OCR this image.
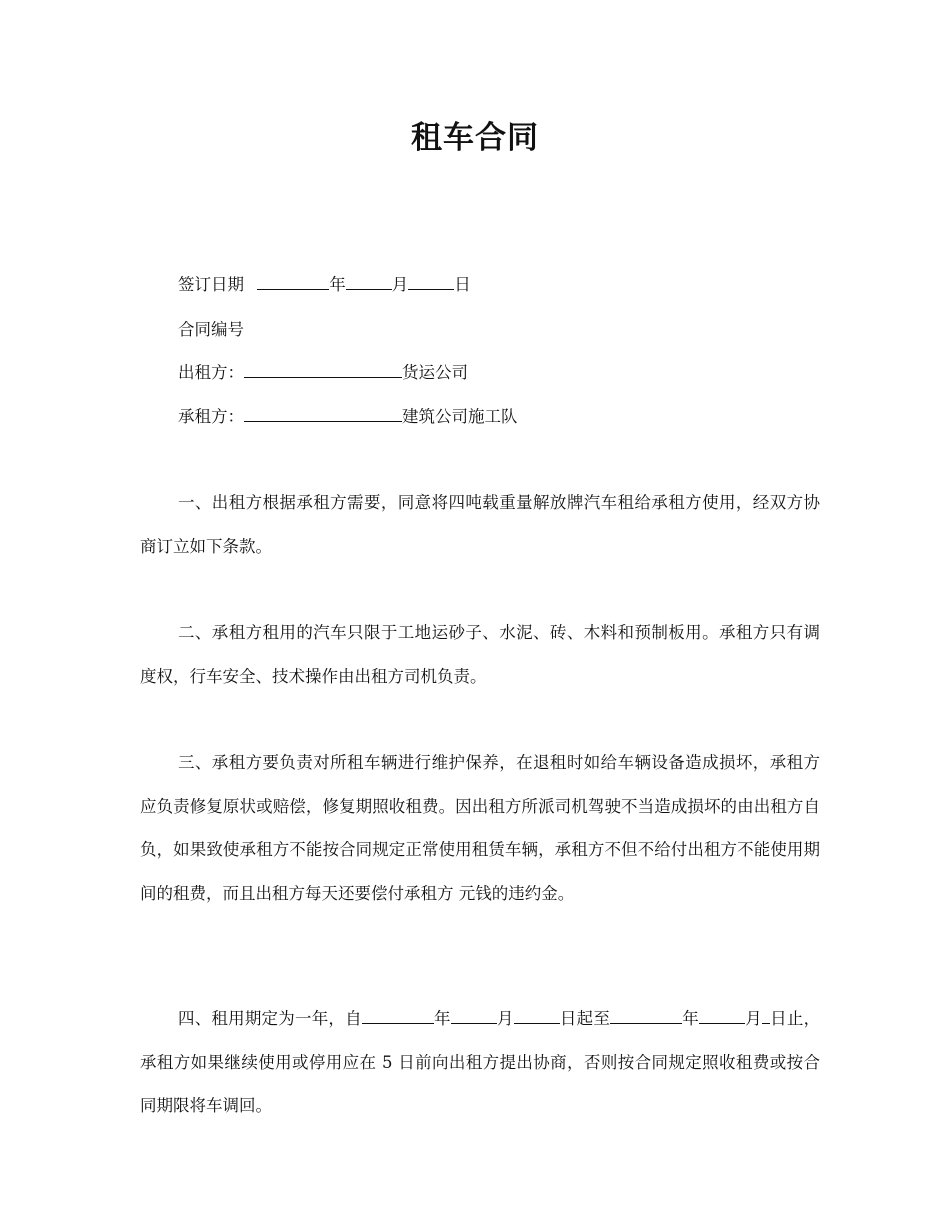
租车合同
签订日期	年	月	日
合同编号
出租方：	货运公司
承租方：	建筑公司施工队

一、出租方根据承租方需要，同意将四吨载重量解放牌汽车租给承租方使用，经双方协商订立如下条款。

二、承租方租用的汽车只限于工地运砂子、水泥、砖、木料和预制板用。承租方只有调度权，行车安全、技术操作由出租方司机负责。

三、承租方要负责对所租车辆进行维护保养，在退租时如给车辆设备造成损坏，承租方应负责修复原状或赔偿，修复期照收租费。因出租方所派司机驾驶不当造成损坏的由出租方自负，如果致使承租方不能按合同规定正常使用租赁车辆，承租方不但不给付出租方不能使用期间的租费，而且出租方每天还要偿付承租方 元钱的违约金。

四、租用期定为一年，自	年	月	日起至	年	月 日止，承租方如果继续使用或停用应在 5 日前向出租方提出协商，否则按合同规定照收租费或按合同期限将车调回。
